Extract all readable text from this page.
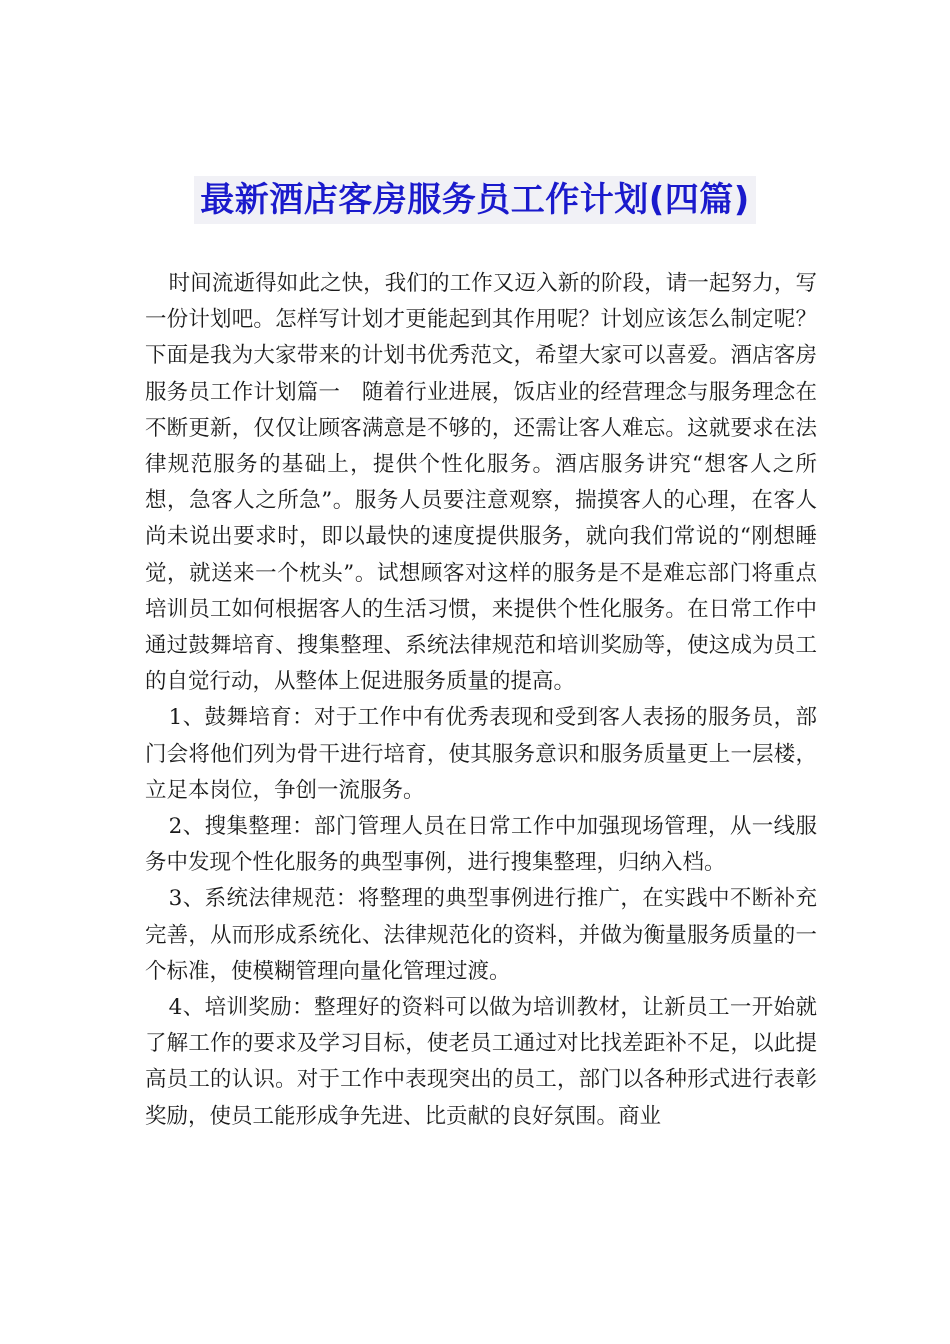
最新酒店客房服务员工作计划(四篇)

时间流逝得如此之快，我们的工作又迈入新的阶段，请一起努力，写一份计划吧。怎样写计划才更能起到其作用呢？计划应该怎么制定呢？下面是我为大家带来的计划书优秀范文，希望大家可以喜爱。酒店客房服务员工作计划篇一　随着行业进展，饭店业的经营理念与服务理念在不断更新，仅仅让顾客满意是不够的，还需让客人难忘。这就要求在法律规范服务的基础上，提供个性化服务。酒店服务讲究“想客人之所想，急客人之所急”。服务人员要注意观察，揣摸客人的心理，在客人尚未说出要求时，即以最快的速度提供服务，就向我们常说的“刚想睡觉，就送来一个枕头”。试想顾客对这样的服务是不是难忘部门将重点培训员工如何根据客人的生活习惯，来提供个性化服务。在日常工作中通过鼓舞培育、搜集整理、系统法律规范和培训奖励等，使这成为员工的自觉行动，从整体上促进服务质量的提高。

1、鼓舞培育：对于工作中有优秀表现和受到客人表扬的服务员，部门会将他们列为骨干进行培育，使其服务意识和服务质量更上一层楼，立足本岗位，争创一流服务。

2、搜集整理：部门管理人员在日常工作中加强现场管理，从一线服务中发现个性化服务的典型事例，进行搜集整理，归纳入档。

3、系统法律规范：将整理的典型事例进行推广，在实践中不断补充完善，从而形成系统化、法律规范化的资料，并做为衡量服务质量的一个标准，使模糊管理向量化管理过渡。

4、培训奖励：整理好的资料可以做为培训教材，让新员工一开始就了解工作的要求及学习目标，使老员工通过对比找差距补不足，以此提高员工的认识。对于工作中表现突出的员工，部门以各种形式进行表彰奖励，使员工能形成争先进、比贡献的良好氛围。商业
